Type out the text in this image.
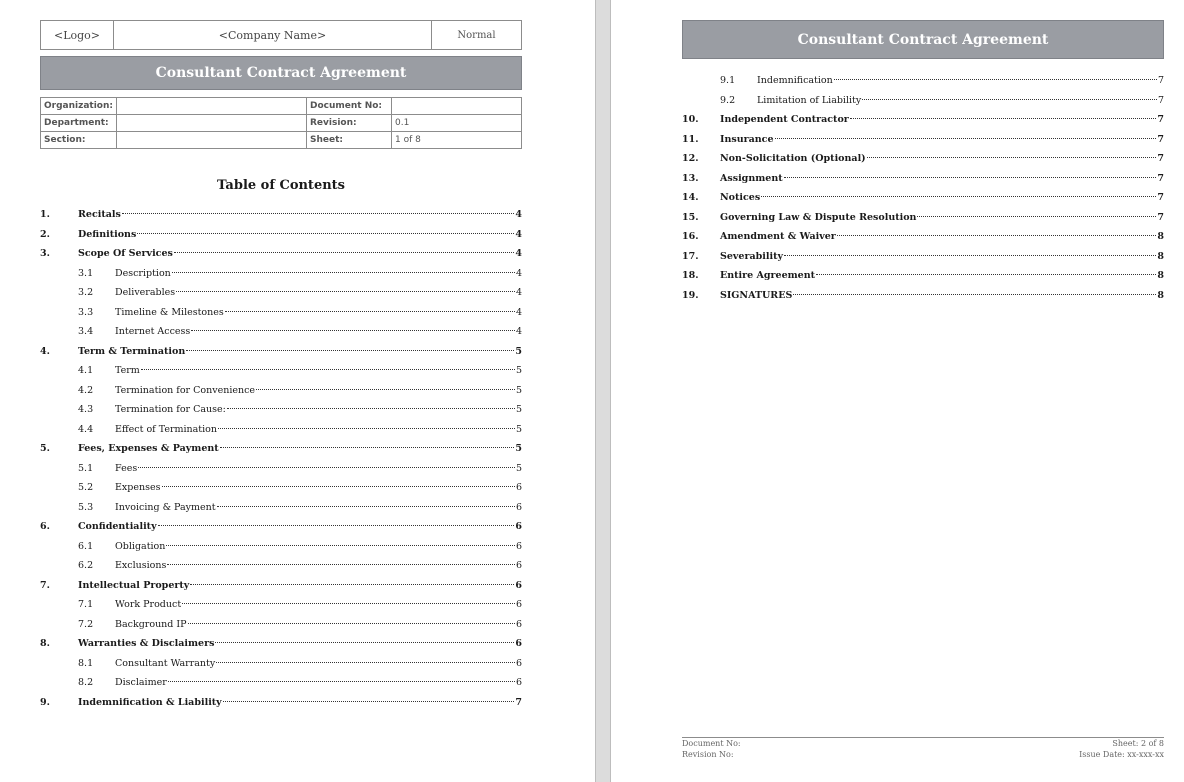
<Logo>	<Company Name>	Normal
Consultant Contract Agreement
Organization:		Document No:	
Department:		Revision:	0.1
Section:		Sheet:	1 of 8
Table of Contents
1.	Recitals	4
2.	Definitions	4
3.	Scope Of Services	4
3.1	Description	4
3.2	Deliverables	4
3.3	Timeline & Milestones	4
3.4	Internet Access	4
4.	Term & Termination	5
4.1	Term	5
4.2	Termination for Convenience	5
4.3	Termination for Cause:	5
4.4	Effect of Termination	5
5.	Fees, Expenses & Payment	5
5.1	Fees	5
5.2	Expenses	6
5.3	Invoicing & Payment	6
6.	Confidentiality	6
6.1	Obligation	6
6.2	Exclusions	6
7.	Intellectual Property	6
7.1	Work Product	6
7.2	Background IP	6
8.	Warranties & Disclaimers	6
8.1	Consultant Warranty	6
8.2	Disclaimer	6
9.	Indemnification & Liability	7
Consultant Contract Agreement
9.1	Indemnification	7
9.2	Limitation of Liability	7
10.	Independent Contractor	7
11.	Insurance	7
12.	Non-Solicitation (Optional)	7
13.	Assignment	7
14.	Notices	7
15.	Governing Law & Dispute Resolution	7
16.	Amendment & Waiver	8
17.	Severability	8
18.	Entire Agreement	8
19.	SIGNATURES	8
Document No:	Sheet: 2 of 8
Revision No:	Issue Date: xx-xxx-xx
